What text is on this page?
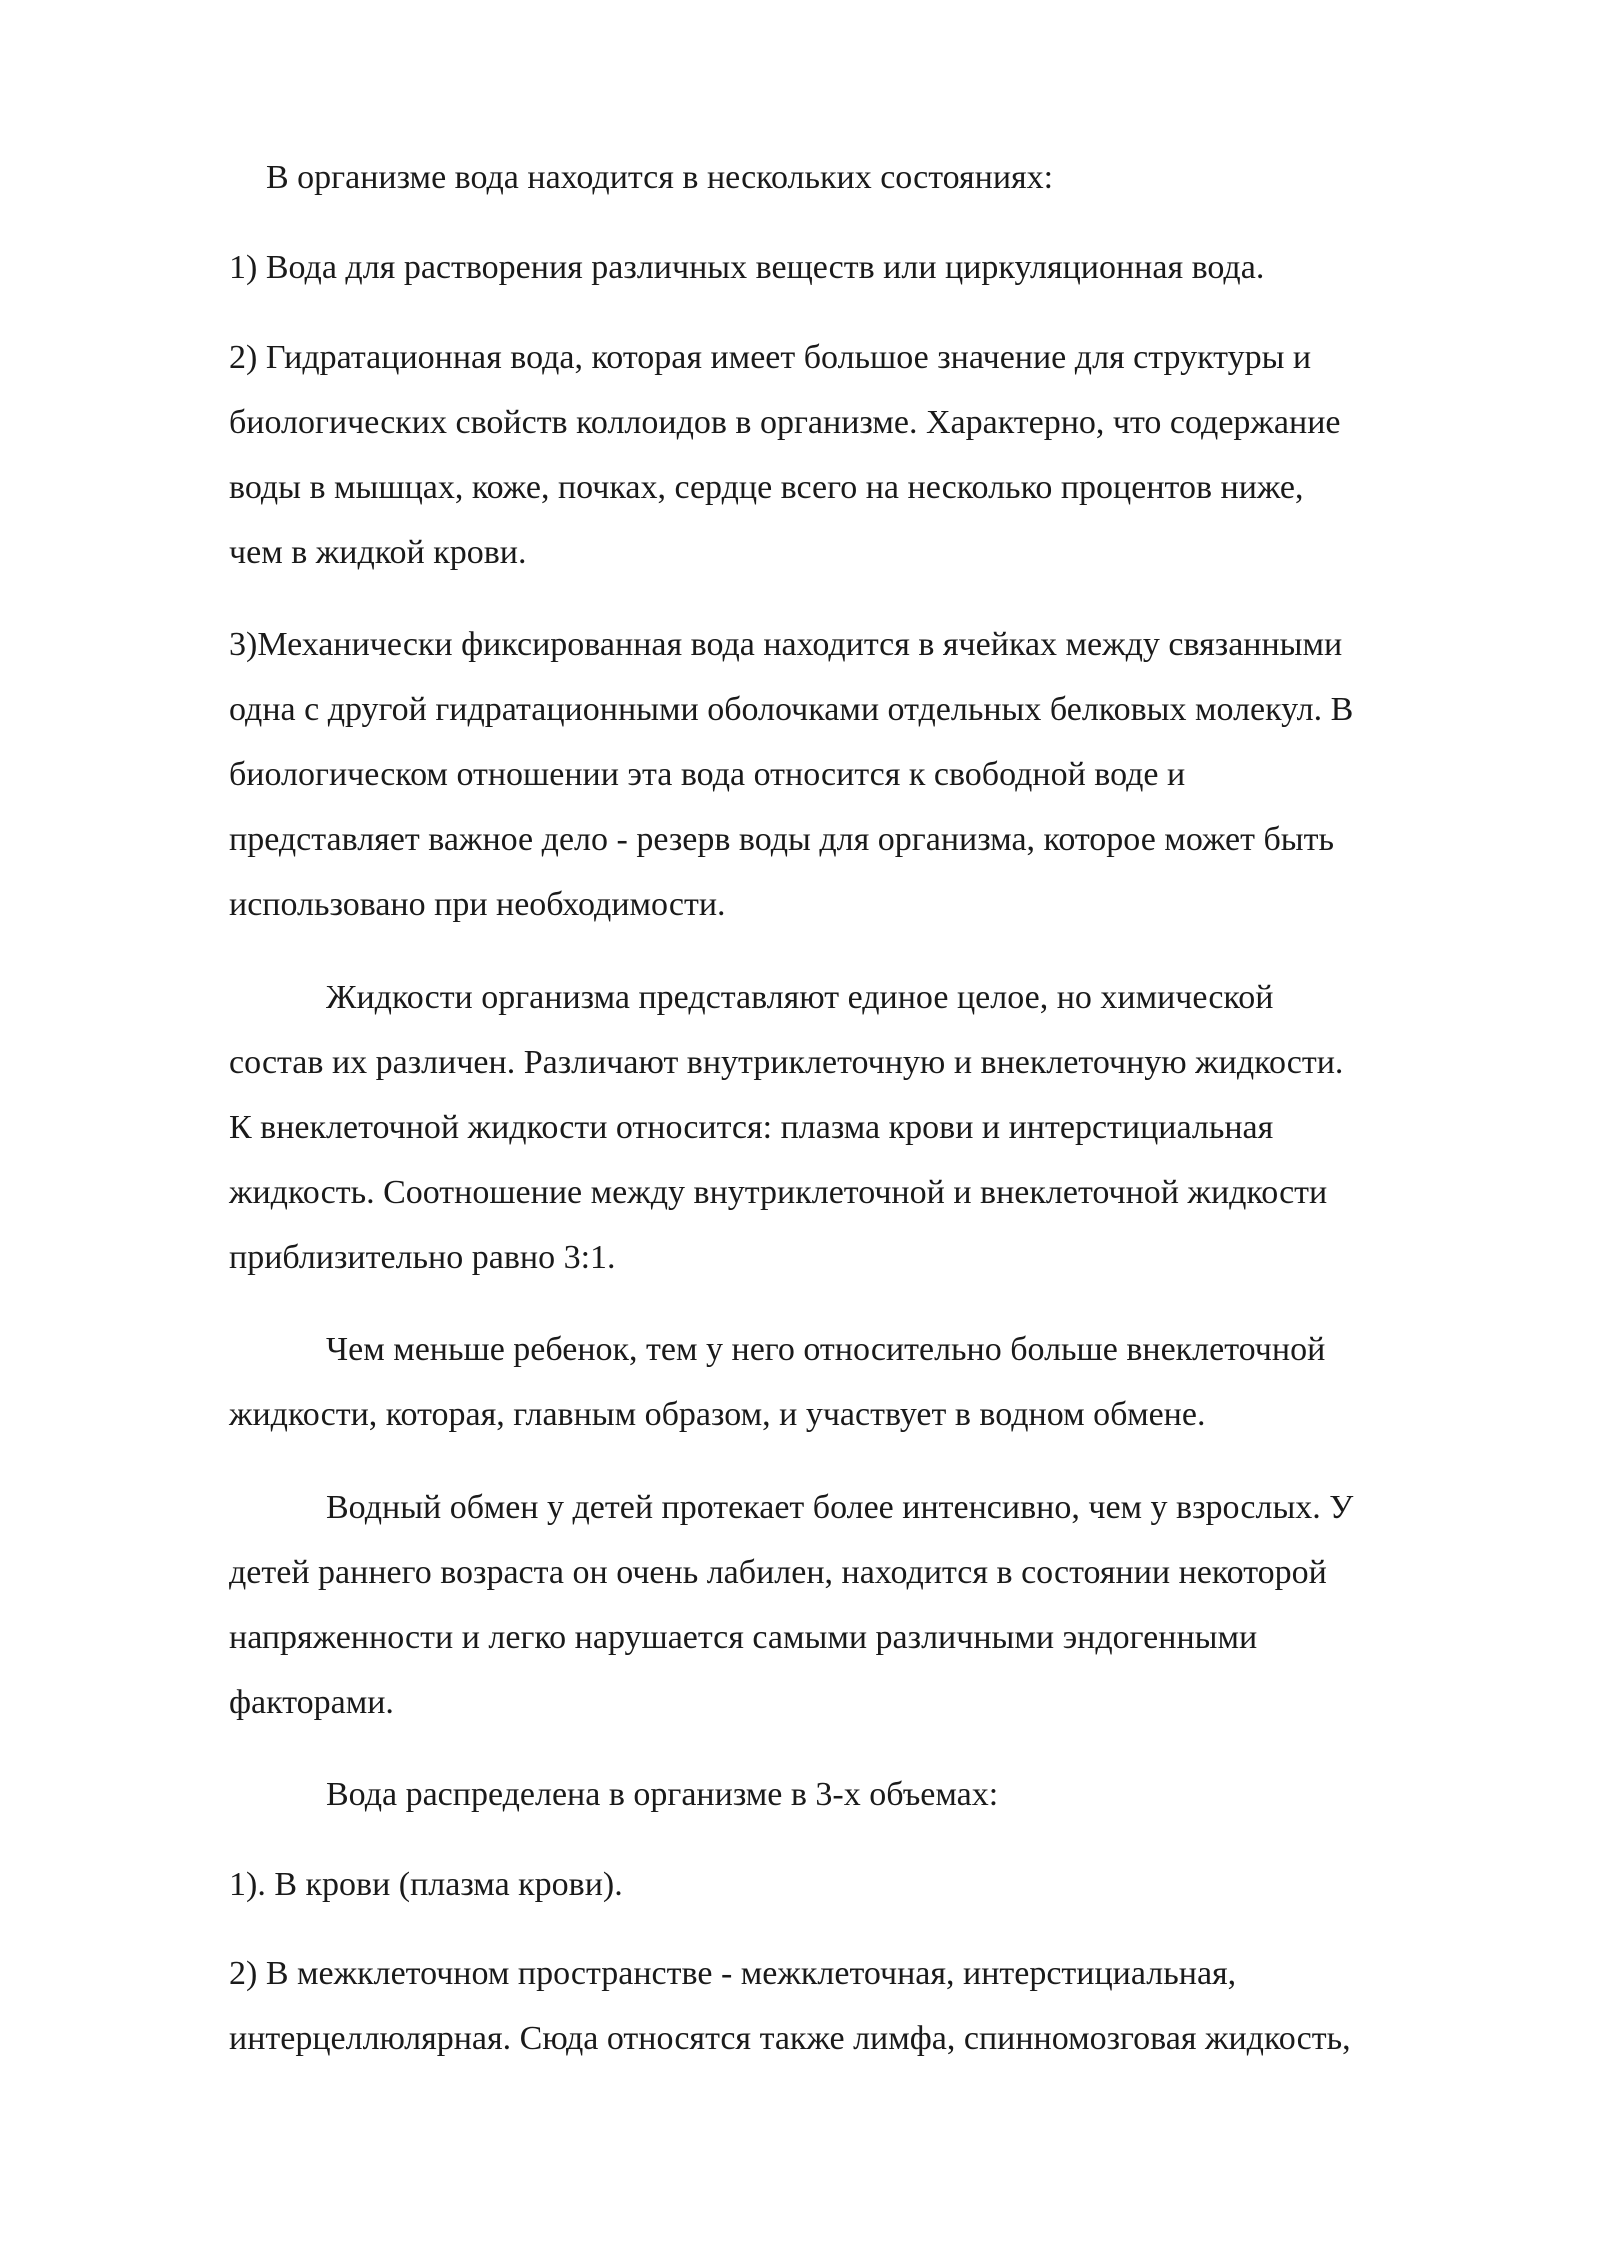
В организме вода находится в нескольких состояниях:
1) Вода для растворения различных веществ или циркуляционная вода.
2) Гидратационная вода, которая имеет большое значение для структуры и
биологических свойств коллоидов в организме. Характерно, что содержание
воды в мышцах, коже, почках, сердце всего на несколько процентов ниже,
чем в жидкой крови.
3)Механически фиксированная вода находится в ячейках между связанными
одна с другой гидратационными оболочками отдельных белковых молекул. В
биологическом отношении эта вода относится к свободной воде и
представляет важное дело - резерв воды для организма, которое может быть
использовано при необходимости.
Жидкости организма представляют единое целое, но химической
состав их различен. Различают внутриклеточную и внеклеточную жидкости.
К внеклеточной жидкости относится: плазма крови и интерстициальная
жидкость. Соотношение между внутриклеточной и внеклеточной жидкости
приблизительно равно 3:1.
Чем меньше ребенок, тем у него относительно больше внеклеточной
жидкости, которая, главным образом, и участвует в водном обмене.
Водный обмен у детей протекает более интенсивно, чем у взрослых. У
детей раннего возраста он очень лабилен, находится в состоянии некоторой
напряженности и легко нарушается самыми различными эндогенными
факторами.
Вода распределена в организме в 3-х объемах:
1). В крови (плазма крови).
2) В межклеточном пространстве - межклеточная, интерстициальная,
интерцеллюлярная. Сюда относятся также лимфа, спинномозговая жидкость,
